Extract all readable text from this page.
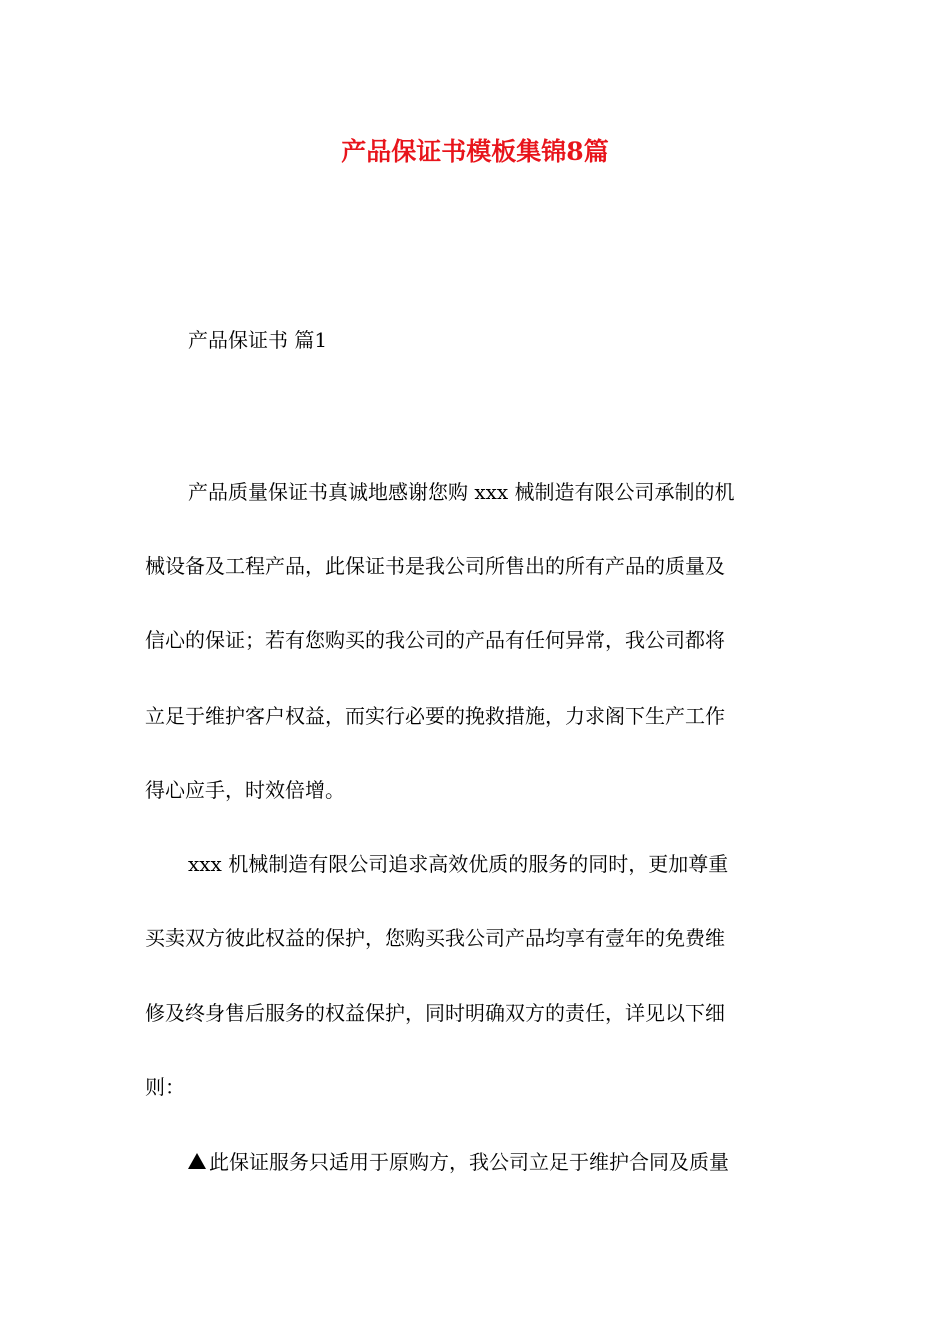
产品保证书模板集锦8篇

产品保证书 篇1

产品质量保证书真诚地感谢您购 xxx 械制造有限公司承制的机

械设备及工程产品，此保证书是我公司所售出的所有产品的质量及

信心的保证；若有您购买的我公司的产品有任何异常，我公司都将

立足于维护客户权益，而实行必要的挽救措施，力求阁下生产工作

得心应手，时效倍增。

xxx 机械制造有限公司追求高效优质的服务的同时，更加尊重

买卖双方彼此权益的保护，您购买我公司产品均享有壹年的免费维

修及终身售后服务的权益保护，同时明确双方的责任，详见以下细

则：

此保证服务只适用于原购方，我公司立足于维护合同及质量
